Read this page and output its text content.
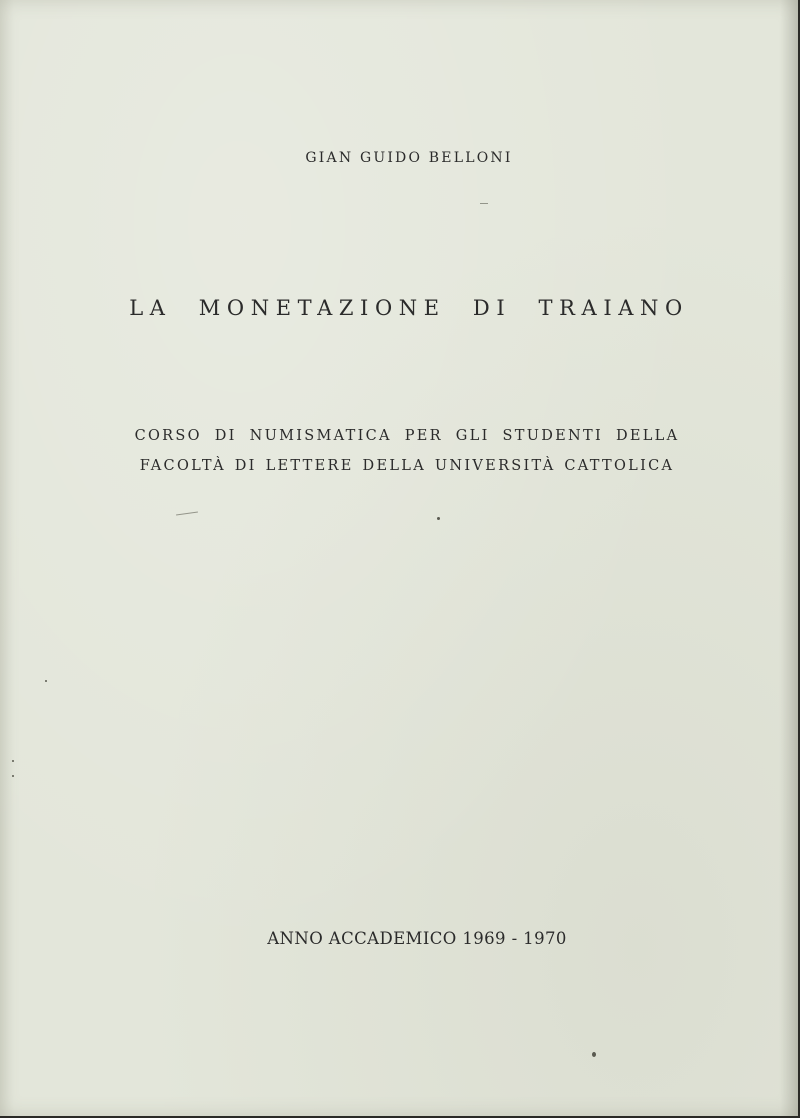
GIAN GUIDO BELLONI
LA MONETAZIONE DI TRAIANO
CORSO DI NUMISMATICA PER GLI STUDENTI DELLA
FACOLTÀ DI LETTERE DELLA UNIVERSITÀ CATTOLICA
ANNO ACCADEMICO 1969 - 1970
